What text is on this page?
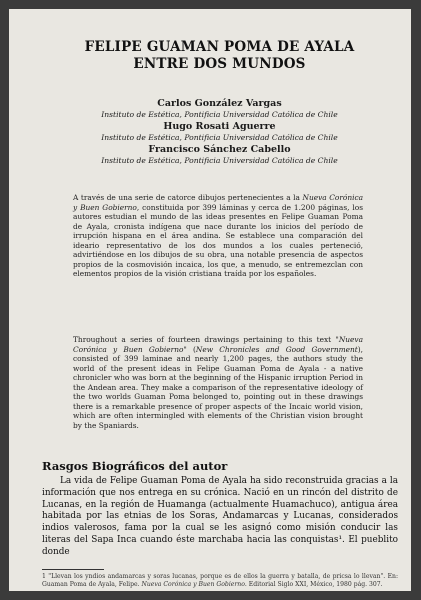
FELIPE GUAMAN POMA DE AYALA
ENTRE DOS MUNDOS
Carlos González Vargas
Instituto de Estética, Pontificia Universidad Católica de Chile
Hugo Rosati Aguerre
Instituto de Estética, Pontificia Universidad Católica de Chile
Francisco Sánchez Cabello
Instituto de Estética, Pontificia Universidad Católica de Chile

A través de una serie de catorce dibujos pertenecientes a la Nueva Corónica y Buen Gobierno, constituida por 399 láminas y cerca de 1.200 páginas, los autores estudian el mundo de las ideas presentes en Felipe Guaman Poma de Ayala, cronista indígena que nace durante los inicios del período de irrupción hispana en el área andina. Se establece una comparación del ideario representativo de los dos mundos a los cuales perteneció, advirtiéndose en los dibujos de su obra, una notable presencia de aspectos propios de la cosmovisión incaica, los que, a menudo, se entremezclan con elementos propios de la visión cristiana traída por los españoles.

Throughout a series of fourteen drawings pertaining to this text "Nueva Corónica y Buen Gobierno" (New Chronicles and Good Government), consisted of 399 laminae and nearly 1,200 pages, the authors study the world of the present ideas in Felipe Guaman Poma de Ayala - a native chronicler who was born at the beginning of the Hispanic irruption Period in the Andean area. They make a comparison of the representative ideology of the two worlds Guaman Poma belonged to, pointing out in these drawings there is a remarkable presence of proper aspects of the Incaic world vision, which are often intermingled with elements of the Christian vision brought by the Spaniards.

Rasgos Biográficos del autor

La vida de Felipe Guaman Poma de Ayala ha sido reconstruida gracias a la información que nos entrega en su crónica. Nació en un rincón del distrito de Lucanas, en la región de Huamanga (actualmente Huamachuco), antigua área habitada por las etnias de los Soras, Andamarcas y Lucanas, considerados indios valerosos, fama por la cual se les asignó como misión conducir las literas del Sapa Inca cuando éste marchaba hacia las conquistas¹. El pueblito donde

1 "Llevan los yndios andamarcas y soras lucanas, porque es de ellos la guerra y batalla, de pricsa lo llevan". En: Guaman Poma de Ayala, Felipe. Nueva Corónica y Buen Gobierno. Editorial Siglo XXI, México, 1980 pág. 307.
